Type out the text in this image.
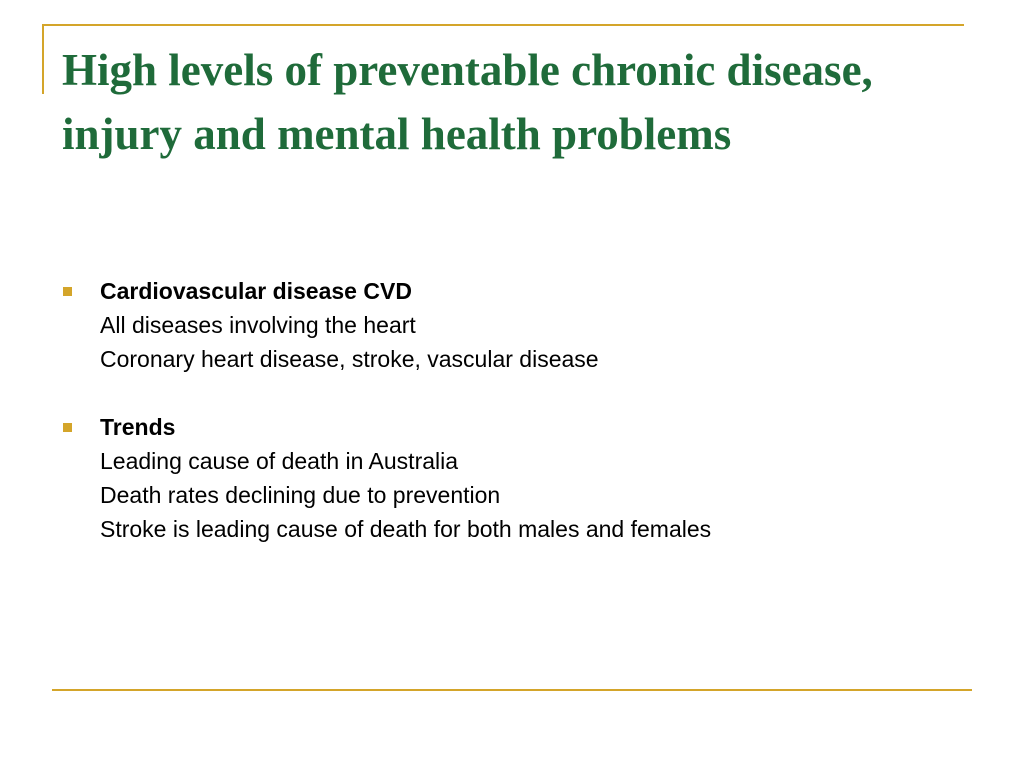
High levels of preventable chronic disease, injury and mental health problems
Cardiovascular disease CVD
All diseases involving the heart
Coronary heart disease, stroke, vascular disease
Trends
Leading cause of death in Australia
Death rates declining due to prevention
Stroke is leading cause of death for both males and females
